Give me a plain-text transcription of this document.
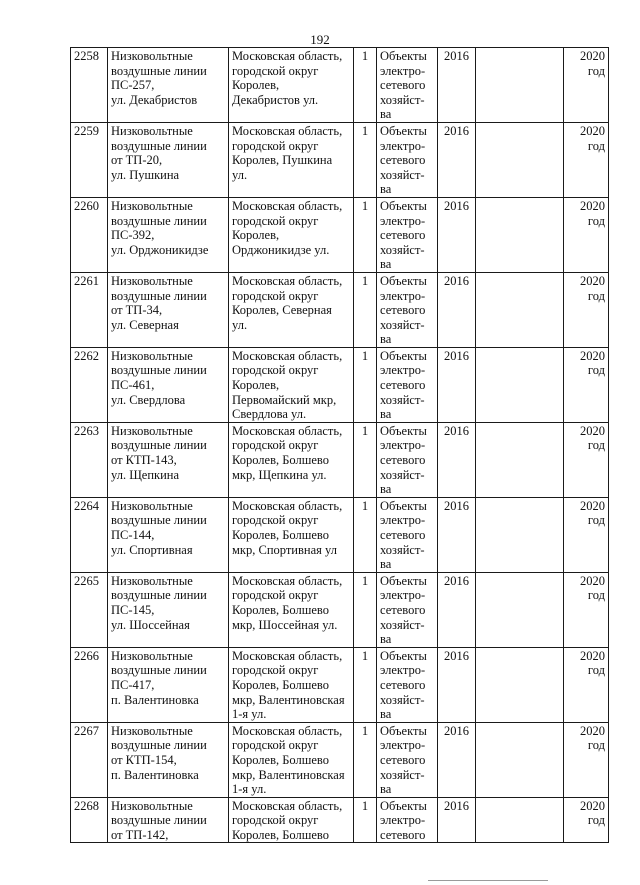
192
2258	Низковольтные
воздушные линии
ПС-257,
ул. Декабристов	Московская область,
городской округ
Королев,
Декабристов ул.	1	Объекты
электро-
сетевого
хозяйст-
ва	2016		2020
год
2259	Низковольтные
воздушные линии
от ТП-20,
ул. Пушкина	Московская область,
городской округ
Королев, Пушкина
ул.	1	Объекты
электро-
сетевого
хозяйст-
ва	2016		2020
год
2260	Низковольтные
воздушные линии
ПС-392,
ул. Орджоникидзе	Московская область,
городской округ
Королев,
Орджоникидзе ул.	1	Объекты
электро-
сетевого
хозяйст-
ва	2016		2020
год
2261	Низковольтные
воздушные линии
от ТП-34,
ул. Северная	Московская область,
городской округ
Королев, Северная
ул.	1	Объекты
электро-
сетевого
хозяйст-
ва	2016		2020
год
2262	Низковольтные
воздушные линии
ПС-461,
ул. Свердлова	Московская область,
городской округ
Королев,
Первомайский мкр,
Свердлова ул.	1	Объекты
электро-
сетевого
хозяйст-
ва	2016		2020
год
2263	Низковольтные
воздушные линии
от КТП-143,
ул. Щепкина	Московская область,
городской округ
Королев, Болшево
мкр, Щепкина ул.	1	Объекты
электро-
сетевого
хозяйст-
ва	2016		2020
год
2264	Низковольтные
воздушные линии
ПС-144,
ул. Спортивная	Московская область,
городской округ
Королев, Болшево
мкр, Спортивная ул	1	Объекты
электро-
сетевого
хозяйст-
ва	2016		2020
год
2265	Низковольтные
воздушные линии
ПС-145,
ул. Шоссейная	Московская область,
городской округ
Королев, Болшево
мкр, Шоссейная ул.	1	Объекты
электро-
сетевого
хозяйст-
ва	2016		2020
год
2266	Низковольтные
воздушные линии
ПС-417,
п. Валентиновка	Московская область,
городской округ
Королев, Болшево
мкр, Валентиновская
1-я ул.	1	Объекты
электро-
сетевого
хозяйст-
ва	2016		2020
год
2267	Низковольтные
воздушные линии
от КТП-154,
п. Валентиновка	Московская область,
городской округ
Королев, Болшево
мкр, Валентиновская
1-я ул.	1	Объекты
электро-
сетевого
хозяйст-
ва	2016		2020
год
2268	Низковольтные
воздушные линии
от ТП-142,	Московская область,
городской округ
Королев, Болшево	1	Объекты
электро-
сетевого	2016		2020
год
